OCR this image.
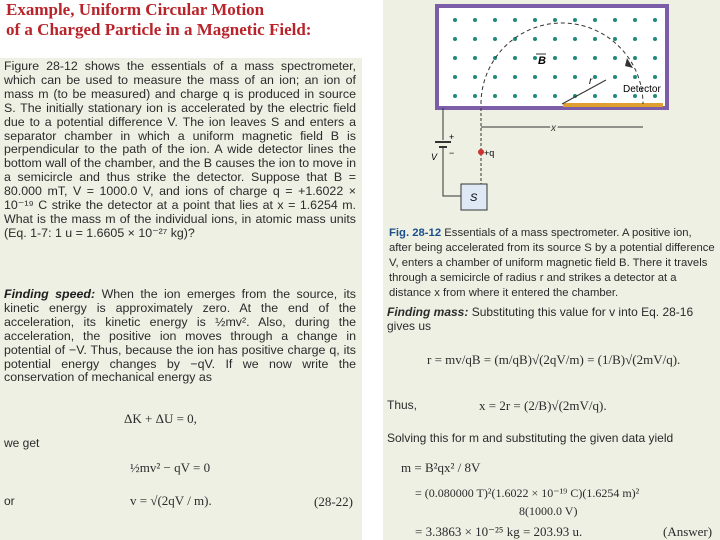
Example, Uniform Circular Motion
of a Charged Particle in a Magnetic Field:

Figure 28-12 shows the essentials of a mass spectrometer, which can be used to measure the mass of an ion; an ion of mass m (to be measured) and charge q is produced in source S. The initially stationary ion is accelerated by the electric field due to a potential difference V. The ion leaves S and enters a separator chamber in which a uniform magnetic field B is perpendicular to the path of the ion. A wide detector lines the bottom wall of the chamber, and the B causes the ion to move in a semicircle and thus strike the detector. Suppose that B = 80.000 mT, V = 1000.0 V, and ions of charge q = +1.6022 × 10⁻¹⁹ C strike the detector at a point that lies at x = 1.6254 m. What is the mass m of the individual ions, in atomic mass units (Eq. 1-7: 1 u = 1.6605 × 10⁻²⁷ kg)?

Finding speed: When the ion emerges from the source, its kinetic energy is approximately zero. At the end of the acceleration, its kinetic energy is ½mv². Also, during the acceleration, the positive ion moves through a change in potential of −V. Thus, because the ion has positive charge q, its potential energy changes by −qV. If we now write the conservation of mechanical energy as

ΔK + ΔU = 0,
we get
½mv² − qV = 0
or	v = √(2qV / m).	(28-22)
r
B
Detector
x
+q
V
+
−
S

Fig. 28-12 Essentials of a mass spectrometer. A positive ion, after being accelerated from its source S by a potential difference V, enters a chamber of uniform magnetic field B. There it travels through a semicircle of radius r and strikes a detector at a distance x from where it entered the chamber.

Finding mass: Substituting this value for v into Eq. 28-16 gives us

r = mv/qB = (m/qB)√(2qV/m) = (1/B)√(2mV/q).
Thus,	x = 2r = (2/B)√(2mV/q).
Solving this for m and substituting the given data yield
m = B²qx² / 8V
= (0.080000 T)²(1.6022 × 10⁻¹⁹ C)(1.6254 m)²
8(1000.0 V)
= 3.3863 × 10⁻²⁵ kg = 203.93 u.	(Answer)
